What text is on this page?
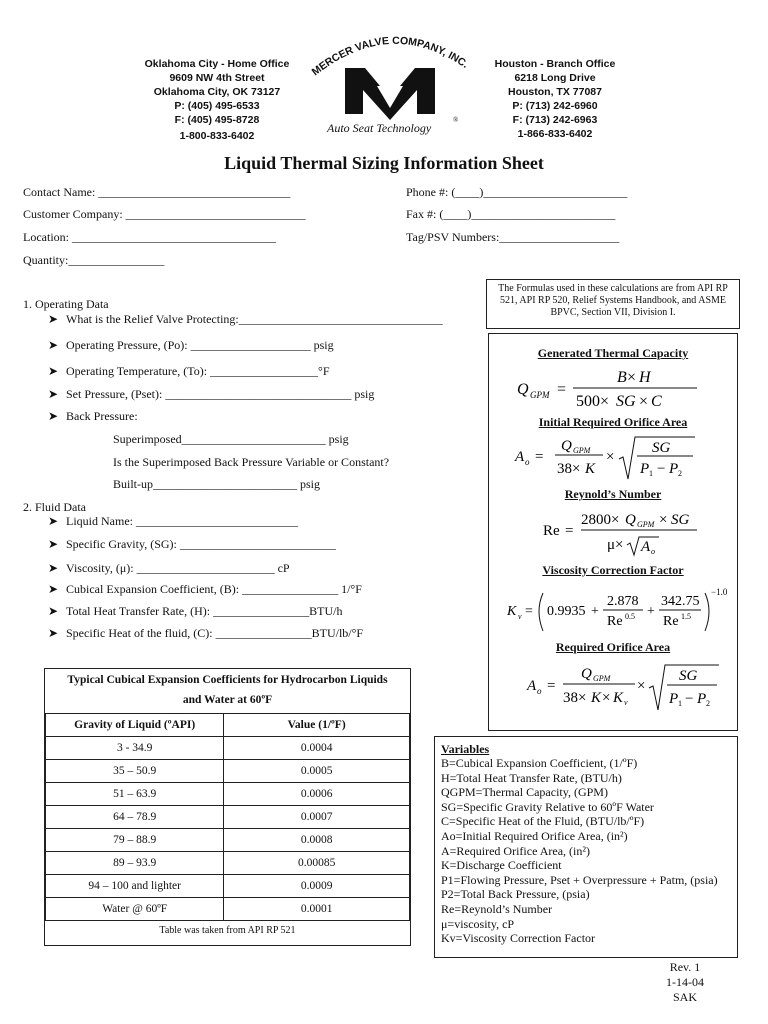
Oklahoma City - Home Office
9609 NW 4th Street
Oklahoma City, OK 73127
P: (405) 495-6533
F: (405) 495-8728
1-800-833-6402
MERCER VALVE COMPANY, INC.
Auto Seat Technology
®
Houston - Branch Office
6218 Long Drive
Houston, TX 77087
P: (713) 242-6960
F: (713) 242-6963
1-866-833-6402
Liquid Thermal Sizing Information Sheet
Contact Name: ________________________________
Customer Company: ______________________________
Location: __________________________________
Quantity:________________
Phone #: (____)________________________
Fax #: (____)________________________
Tag/PSV Numbers:____________________
The Formulas used in these calculations are from API RP 521, API RP 520, Relief Systems Handbook, and ASME BPVC, Section VII, Division I.
1. Operating Data
➤ What is the Relief Valve Protecting:__________________________________
➤ Operating Pressure, (Po): ____________________ psig
➤ Operating Temperature, (To): __________________°F
➤ Set Pressure, (Pset): _______________________________ psig
➤ Back Pressure:
Superimposed________________________ psig
Is the Superimposed Back Pressure Variable or Constant?
Built-up________________________ psig
2. Fluid Data
➤ Liquid Name: ___________________________
➤ Specific Gravity, (SG): __________________________
➤ Viscosity, (μ): _______________________ cP
➤ Cubical Expansion Coefficient, (B): ________________ 1/°F
➤ Total Heat Transfer Rate, (H): ________________BTU/h
➤ Specific Heat of the fluid, (C): ________________BTU/lb/°F
Typical Cubical Expansion Coefficients for Hydrocarbon Liquids
and Water at 60ºF
Gravity of Liquid (ºAPI)	Value (1/ºF)
3 - 34.9	0.0004
35 – 50.9	0.0005
51 – 63.9	0.0006
64 – 78.9	0.0007
79 – 88.9	0.0008
89 – 93.9	0.00085
94 – 100 and lighter	0.0009
Water @ 60ºF	0.0001
Table was taken from API RP 521
Generated Thermal Capacity
Q GPM =
B × H
500× SG × C
Initial Required Orifice Area
A o =
Q GPM
38× K
×
SG
P 1 − P 2
Reynold’s Number
Re =
2800× Q GPM × SG
μ× A o
Viscosity Correction Factor
K v = 0.9935 +
2.878
Re 0.5 +
342.75
Re 1.5
−1.0
Required Orifice Area
A o =
Q GPM
38× K × K v
×
SG
P 1 − P 2
Variables
B=Cubical Expansion Coefficient, (1/ºF)
H=Total Heat Transfer Rate, (BTU/h)
QGPM=Thermal Capacity, (GPM)
SG=Specific Gravity Relative to 60ºF Water
C=Specific Heat of the Fluid, (BTU/lb/ºF)
Ao=Initial Required Orifice Area, (in²)
A=Required Orifice Area, (in²)
K=Discharge Coefficient
P1=Flowing Pressure, Pset + Overpressure + Patm, (psia)
P2=Total Back Pressure, (psia)
Re=Reynold’s Number
μ=viscosity, cP
Kv=Viscosity Correction Factor
Rev. 1
1-14-04
SAK
